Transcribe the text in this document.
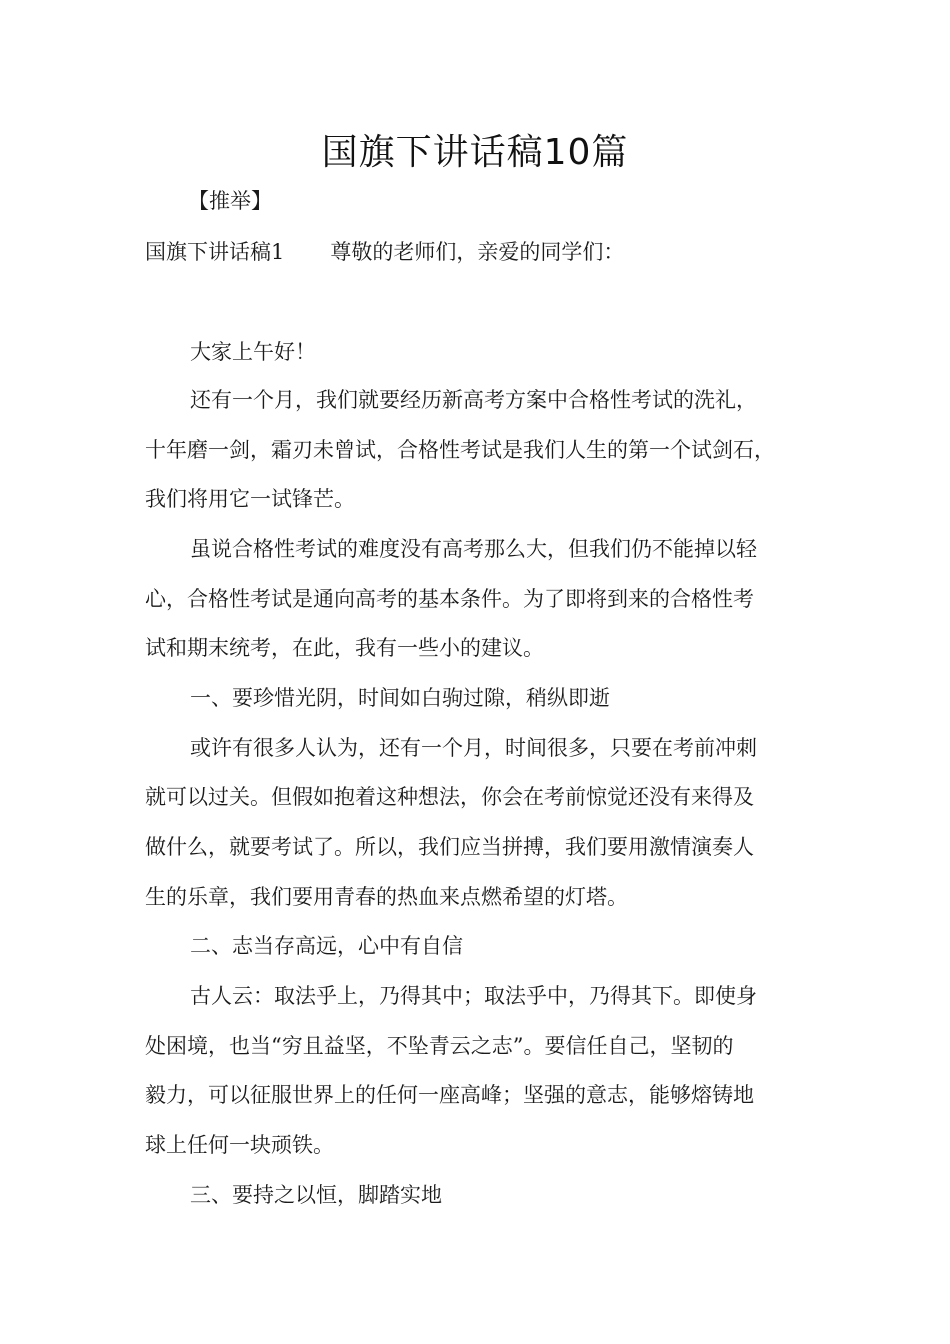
国旗下讲话稿10篇
【推举】
国旗下讲话稿1 尊敬的老师们，亲爱的同学们：
大家上午好！
还有一个月，我们就要经历新高考方案中合格性考试的洗礼，
十年磨一剑，霜刃未曾试，合格性考试是我们人生的第一个试剑石，
我们将用它一试锋芒。
虽说合格性考试的难度没有高考那么大，但我们仍不能掉以轻
心，合格性考试是通向高考的基本条件。为了即将到来的合格性考
试和期末统考，在此，我有一些小的建议。
一、要珍惜光阴，时间如白驹过隙，稍纵即逝
或许有很多人认为，还有一个月，时间很多，只要在考前冲刺
就可以过关。但假如抱着这种想法，你会在考前惊觉还没有来得及
做什么，就要考试了。所以，我们应当拼搏，我们要用激情演奏人
生的乐章，我们要用青春的热血来点燃希望的灯塔。
二、志当存高远，心中有自信
古人云：取法乎上，乃得其中；取法乎中，乃得其下。即使身
处困境，也当“穷且益坚，不坠青云之志”。要信任自己，坚韧的
毅力，可以征服世界上的任何一座高峰；坚强的意志，能够熔铸地
球上任何一块顽铁。
三、要持之以恒，脚踏实地
